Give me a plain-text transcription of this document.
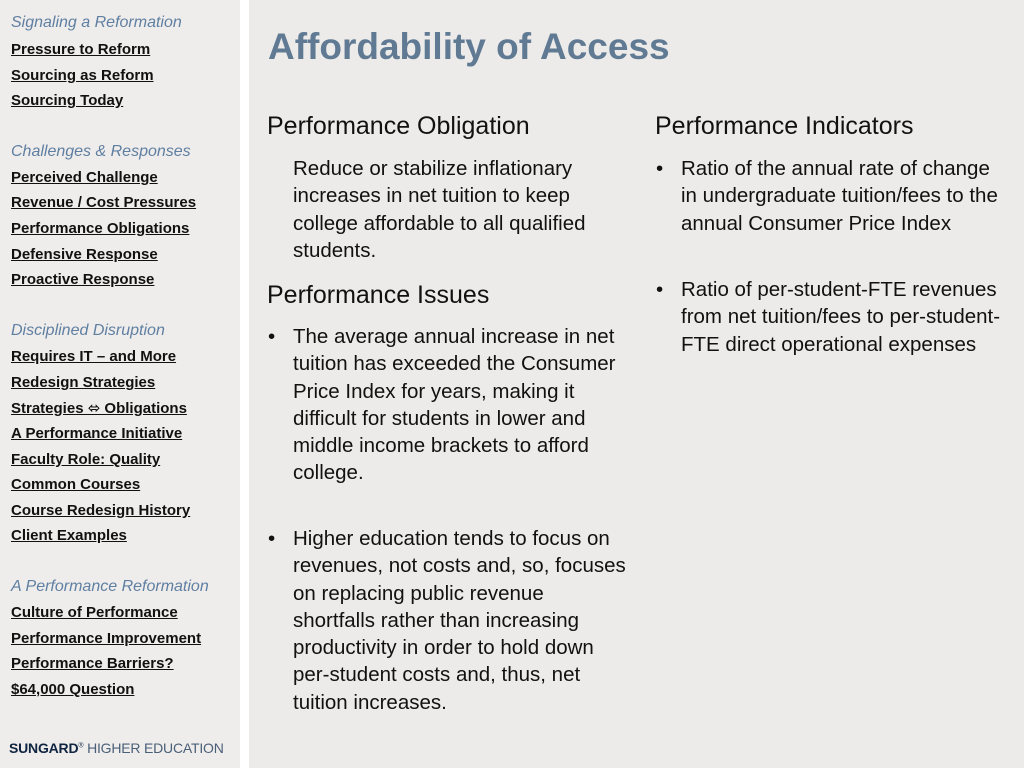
Signaling a Reformation
Pressure to Reform
Sourcing as Reform
Sourcing Today
Challenges & Responses
Perceived Challenge
Revenue / Cost Pressures
Performance Obligations
Defensive Response
Proactive Response
Disciplined Disruption
Requires IT – and More
Redesign Strategies
Strategies ⬄ Obligations
A Performance Initiative
Faculty Role: Quality
Common Courses
Course Redesign History
Client Examples
A Performance Reformation
Culture of Performance
Performance Improvement
Performance Barriers?
$64,000 Question
SUNGARD® HIGHER EDUCATION
Affordability of Access
Performance Obligation
Reduce or stabilize inflationary increases in net tuition to keep college affordable to all qualified students.
Performance Issues
• The average annual increase in net tuition has exceeded the Consumer Price Index for years, making it difficult for students in lower and middle income brackets to afford college.
• Higher education tends to focus on revenues, not costs and, so, focuses on replacing public revenue shortfalls rather than increasing productivity in order to hold down per-student costs and, thus, net tuition increases.
Performance Indicators
• Ratio of the annual rate of change in undergraduate tuition/fees to the annual Consumer Price Index
• Ratio of per-student-FTE revenues from net tuition/fees to per-student-FTE direct operational expenses
